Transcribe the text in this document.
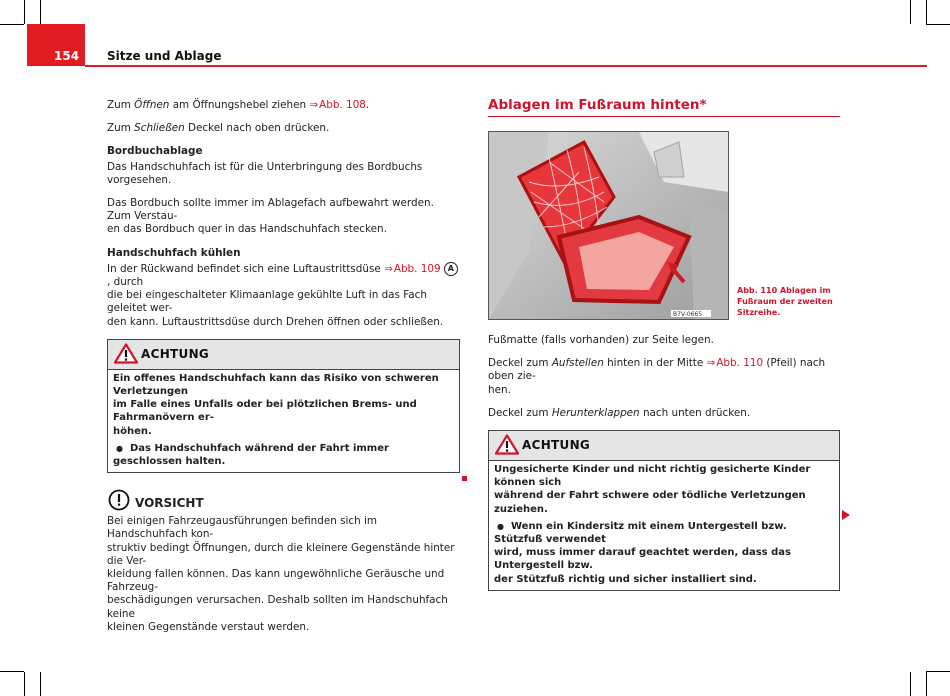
154 Sitze und Ablage

Zum Öffnen am Öffnungshebel ziehen ⇒ Abb. 108.

Zum Schließen Deckel nach oben drücken.

Bordbuchablage

Das Handschuhfach ist für die Unterbringung des Bordbuchs vorgesehen.

Das Bordbuch sollte immer im Ablagefach aufbewahrt werden. Zum Verstau-
en das Bordbuch quer in das Handschuhfach stecken.

Handschuhfach kühlen

In der Rückwand befindet sich eine Luftaustrittsdüse ⇒ Abb. 109 A, durch
die bei eingeschalteter Klimaanlage gekühlte Luft in das Fach geleitet wer-
den kann. Luftaustrittsdüse durch Drehen öffnen oder schließen.

ACHTUNG
Ein offenes Handschuhfach kann das Risiko von schweren Verletzungen
im Falle eines Unfalls oder bei plötzlichen Brems- und Fahrmanövern er-
höhen.
● Das Handschuhfach während der Fahrt immer geschlossen halten.
VORSICHT
Bei einigen Fahrzeugausführungen befinden sich im Handschuhfach kon-
struktiv bedingt Öffnungen, durch die kleinere Gegenstände hinter die Ver-
kleidung fallen können. Das kann ungewöhnliche Geräusche und Fahrzeug-
beschädigungen verursachen. Deshalb sollten im Handschuhfach keine
kleinen Gegenstände verstaut werden.
Ablagen im Fußraum hinten*
B7V-0665
Abb. 110 Ablagen im
Fußraum der zweiten
Sitzreihe.

Fußmatte (falls vorhanden) zur Seite legen.

Deckel zum Aufstellen hinten in der Mitte ⇒ Abb. 110 (Pfeil) nach oben zie-
hen.

Deckel zum Herunterklappen nach unten drücken.

ACHTUNG
Ungesicherte Kinder und nicht richtig gesicherte Kinder können sich
während der Fahrt schwere oder tödliche Verletzungen zuziehen.
● Wenn ein Kindersitz mit einem Untergestell bzw. Stützfuß verwendet
wird, muss immer darauf geachtet werden, dass das Untergestell bzw.
der Stützfuß richtig und sicher installiert sind.
